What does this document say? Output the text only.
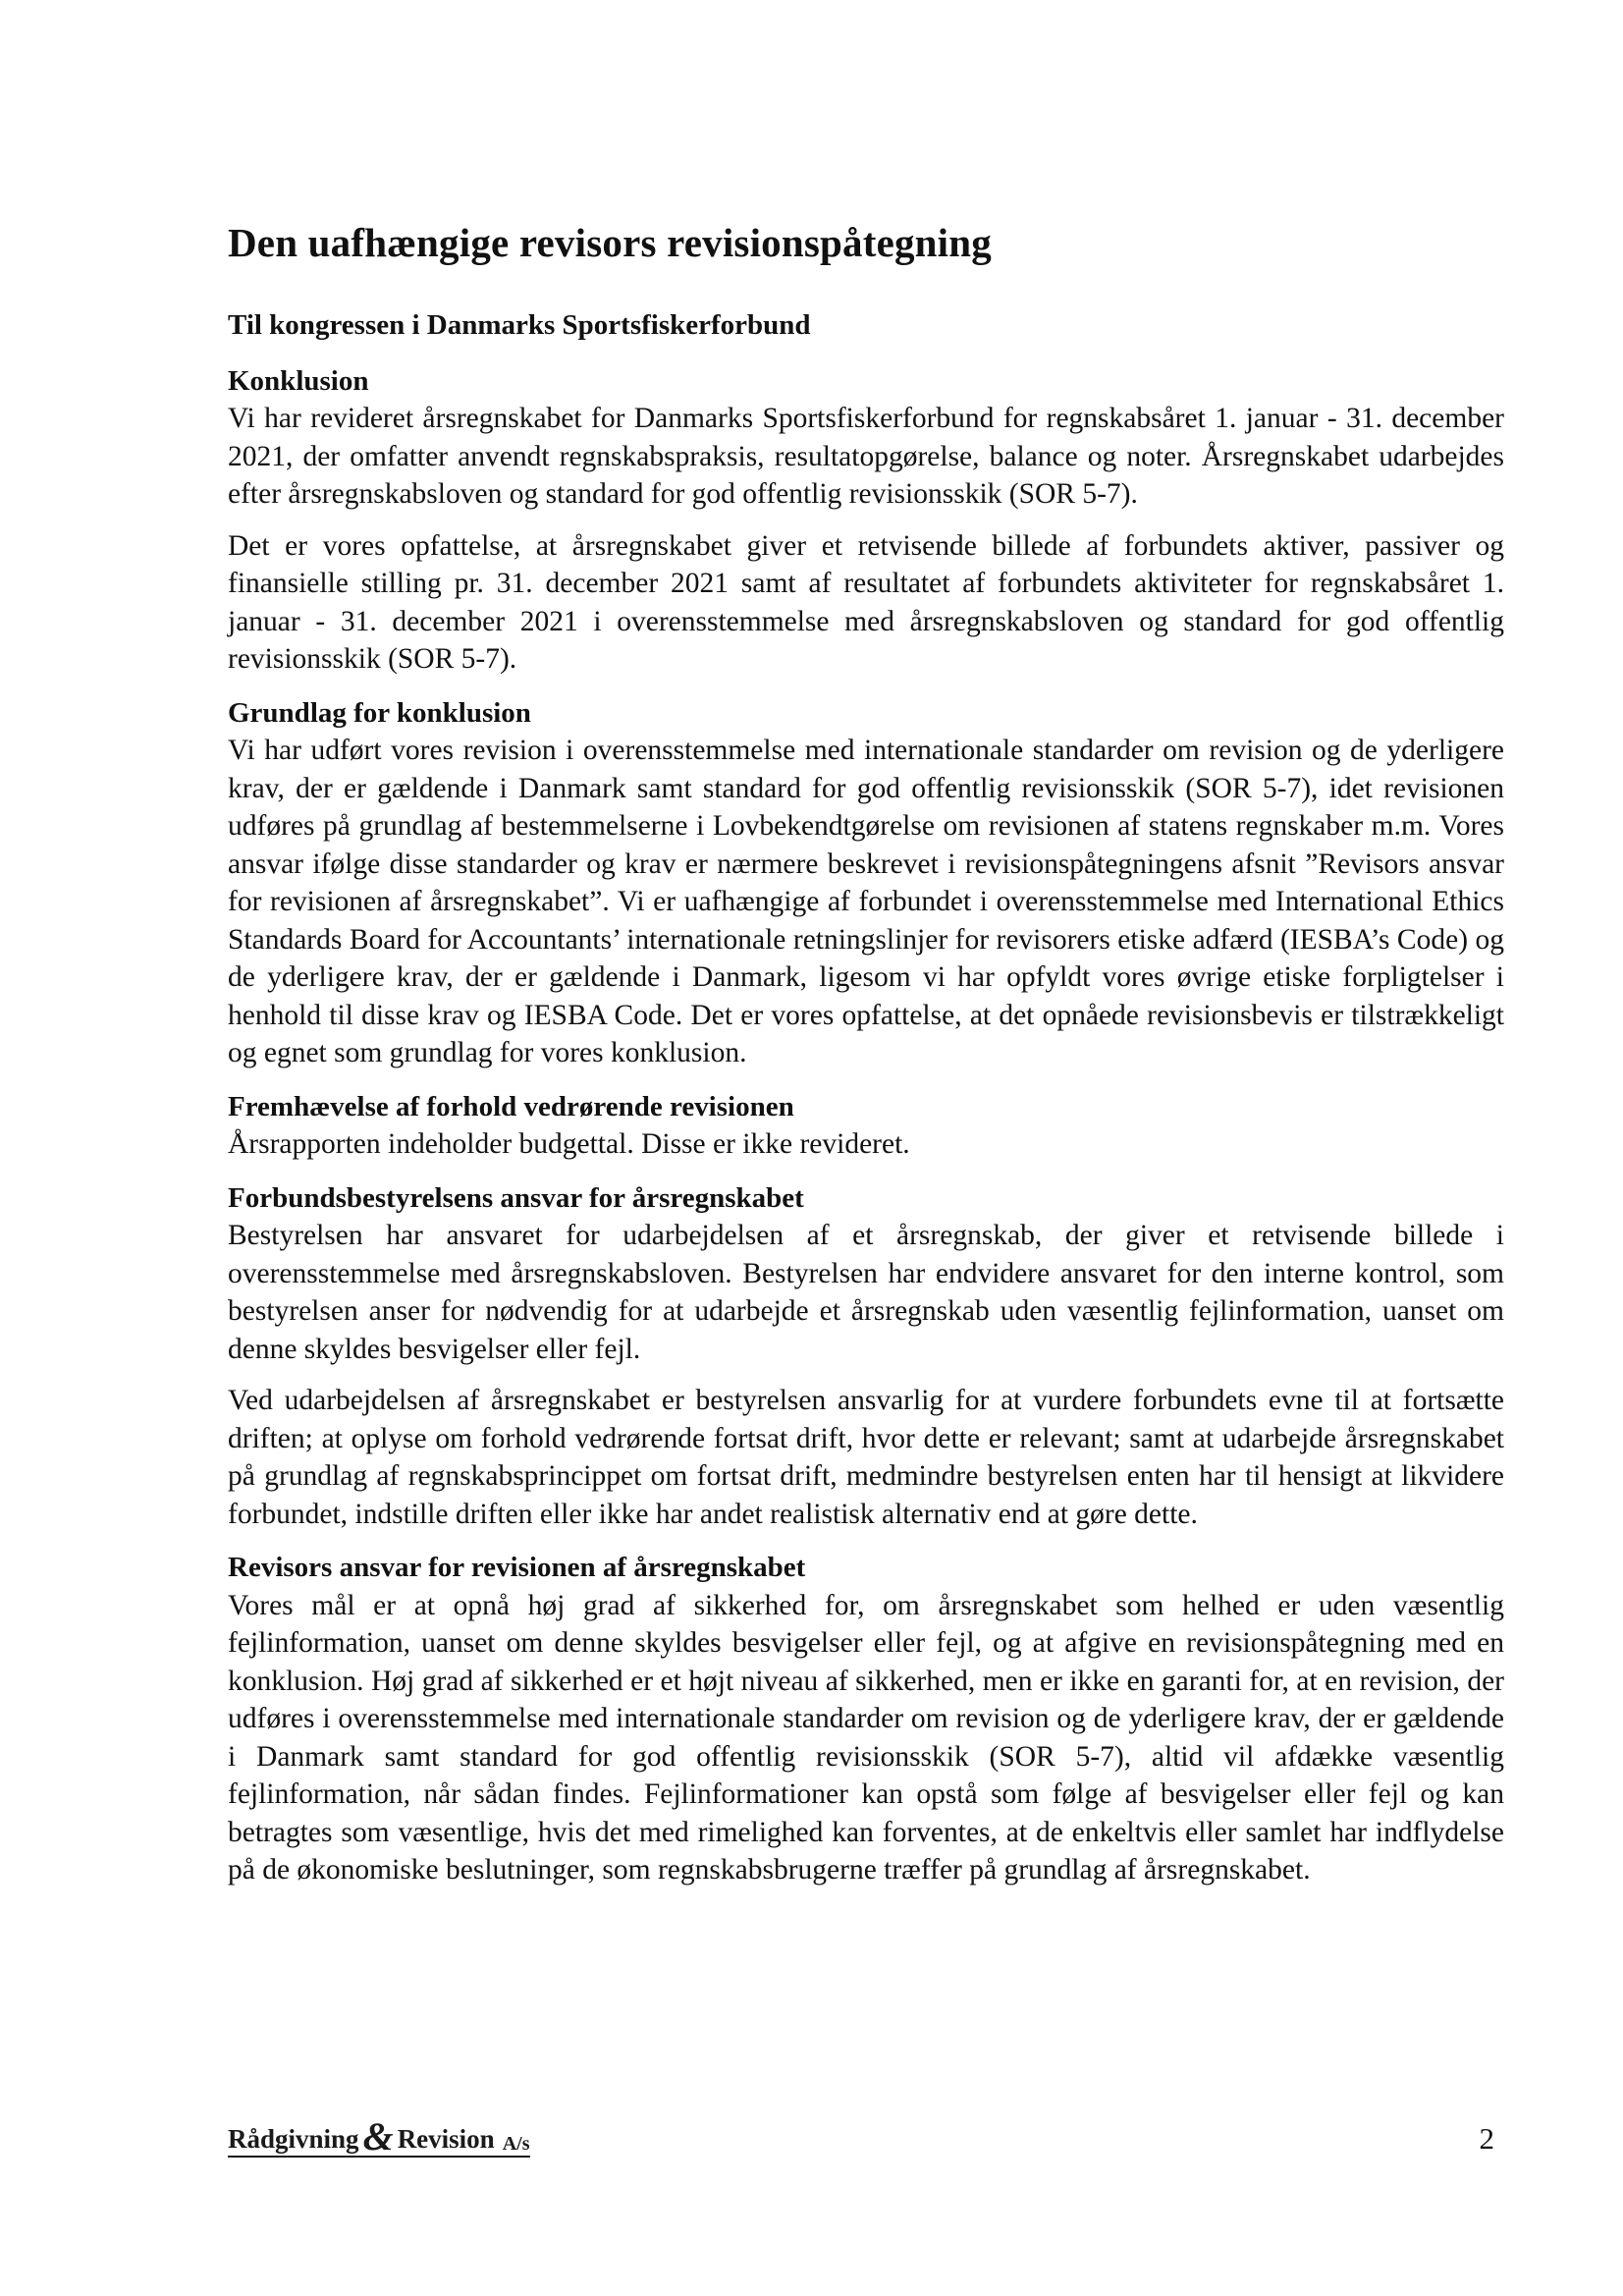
Den uafhængige revisors revisionspåtegning
Til kongressen i Danmarks Sportsfiskerforbund
Konklusion

Vi har revideret årsregnskabet for Danmarks Sportsfiskerforbund for regnskabsåret 1. januar - 31. december 2021, der omfatter anvendt regnskabspraksis, resultatopgørelse, balance og noter. Årsregnskabet udarbejdes efter årsregnskabsloven og standard for god offentlig revisionsskik (SOR 5-7).

Det er vores opfattelse, at årsregnskabet giver et retvisende billede af forbundets aktiver, passiver og finansielle stilling pr. 31. december 2021 samt af resultatet af forbundets aktiviteter for regnskabsåret 1. januar - 31. december 2021 i overensstemmelse med årsregnskabsloven og standard for god offentlig revisionsskik (SOR 5-7).

Grundlag for konklusion

Vi har udført vores revision i overensstemmelse med internationale standarder om revision og de yderligere krav, der er gældende i Danmark samt standard for god offentlig revisionsskik (SOR 5-7), idet revisionen udføres på grundlag af bestemmelserne i Lovbekendtgørelse om revisionen af statens regnskaber m.m. Vores ansvar ifølge disse standarder og krav er nærmere beskrevet i revisionspåtegningens afsnit ”Revisors ansvar for revisionen af årsregnskabet”. Vi er uafhængige af forbundet i overensstemmelse med International Ethics Standards Board for Accountants’ internationale retningslinjer for revisorers etiske adfærd (IESBA’s Code) og de yderligere krav, der er gældende i Danmark, ligesom vi har opfyldt vores øvrige etiske forpligtelser i henhold til disse krav og IESBA Code. Det er vores opfattelse, at det opnåede revisionsbevis er tilstrækkeligt og egnet som grundlag for vores konklusion.

Fremhævelse af forhold vedrørende revisionen

Årsrapporten indeholder budgettal. Disse er ikke revideret.

Forbundsbestyrelsens ansvar for årsregnskabet

Bestyrelsen har ansvaret for udarbejdelsen af et årsregnskab, der giver et retvisende billede i overensstemmelse med årsregnskabsloven. Bestyrelsen har endvidere ansvaret for den interne kontrol, som bestyrelsen anser for nødvendig for at udarbejde et årsregnskab uden væsentlig fejlinformation, uanset om denne skyldes besvigelser eller fejl.

Ved udarbejdelsen af årsregnskabet er bestyrelsen ansvarlig for at vurdere forbundets evne til at fortsætte driften; at oplyse om forhold vedrørende fortsat drift, hvor dette er relevant; samt at udarbejde årsregnskabet på grundlag af regnskabsprincippet om fortsat drift, medmindre bestyrelsen enten har til hensigt at likvidere forbundet, indstille driften eller ikke har andet realistisk alternativ end at gøre dette.

Revisors ansvar for revisionen af årsregnskabet

Vores mål er at opnå høj grad af sikkerhed for, om årsregnskabet som helhed er uden væsentlig fejlinformation, uanset om denne skyldes besvigelser eller fejl, og at afgive en revisionspåtegning med en konklusion. Høj grad af sikkerhed er et højt niveau af sikkerhed, men er ikke en garanti for, at en revision, der udføres i overensstemmelse med internationale standarder om revision og de yderligere krav, der er gældende i Danmark samt standard for god offentlig revisionsskik (SOR 5-7), altid vil afdække væsentlig fejlinformation, når sådan findes. Fejlinformationer kan opstå som følge af besvigelser eller fejl og kan betragtes som væsentlige, hvis det med rimelighed kan forventes, at de enkeltvis eller samlet har indflydelse på de økonomiske beslutninger, som regnskabsbrugerne træffer på grundlag af årsregnskabet.

Rådgivning & Revision A/s	2
